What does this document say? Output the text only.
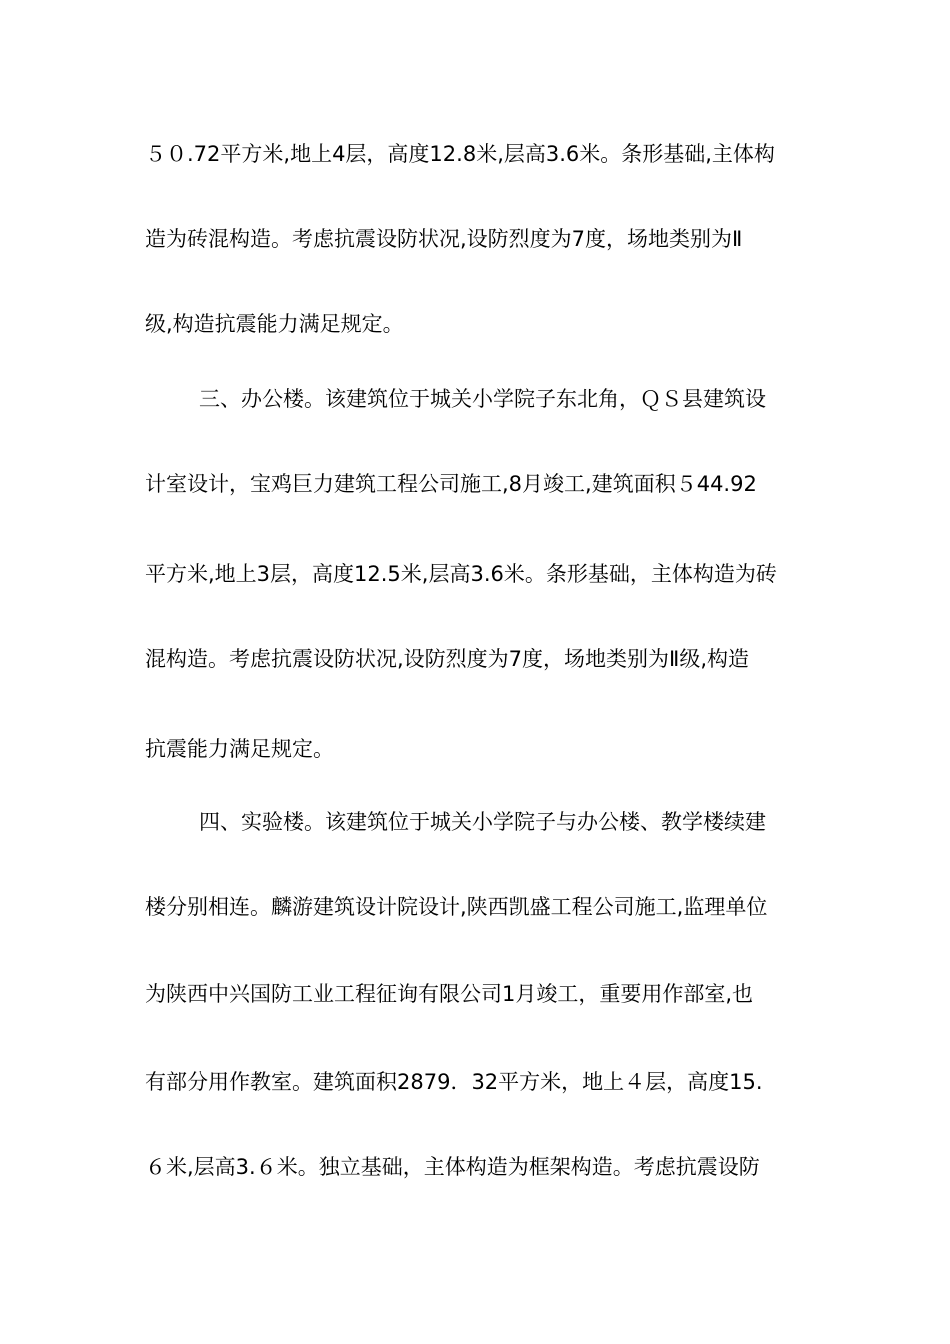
５０.72平方米,地上4层，高度12.8米,层高3.6米。条形基础,主体构
造为砖混构造。考虑抗震设防状况,设防烈度为7度，场地类别为Ⅱ
级,构造抗震能力满足规定。
三、办公楼。该建筑位于城关小学院子东北角，ＱＳ县建筑设
计室设计，宝鸡巨力建筑工程公司施工,8月竣工,建筑面积５44.92
平方米,地上3层，高度12.5米,层高3.6米。条形基础，主体构造为砖
混构造。考虑抗震设防状况,设防烈度为7度，场地类别为Ⅱ级,构造
抗震能力满足规定。
四、实验楼。该建筑位于城关小学院子与办公楼、教学楼续建
楼分别相连。麟游建筑设计院设计,陕西凯盛工程公司施工,监理单位
为陕西中兴国防工业工程征询有限公司1月竣工，重要用作部室,也
有部分用作教室。建筑面积2879．32平方米，地上４层，高度15.
６米,层高3.６米。独立基础，主体构造为框架构造。考虑抗震设防
